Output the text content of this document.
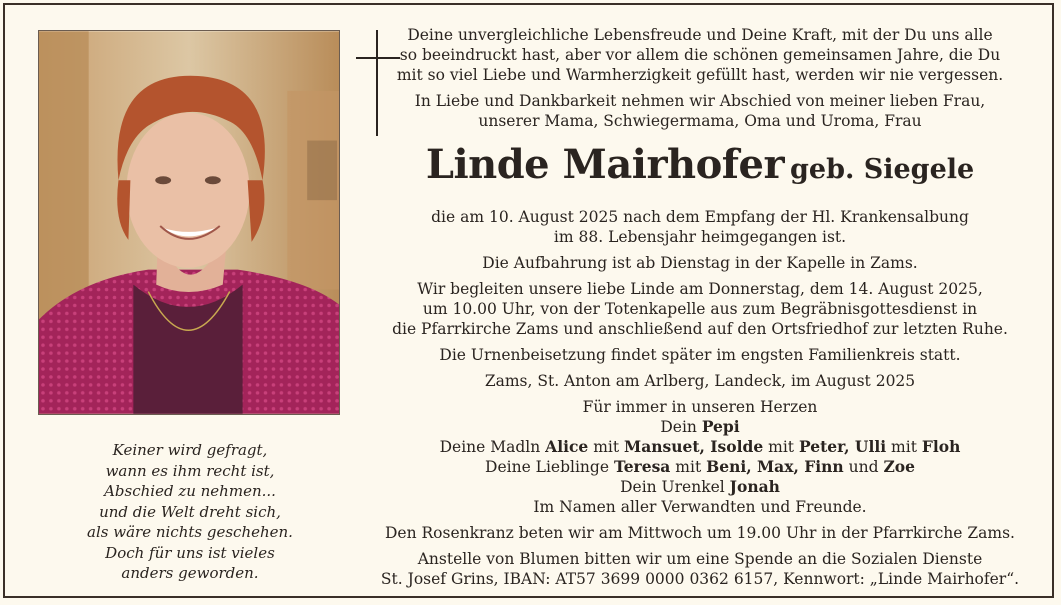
Keiner wird gefragt,
wann es ihm recht ist,
Abschied zu nehmen...
und die Welt dreht sich,
als wäre nichts geschehen.
Doch für uns ist vieles
anders geworden.
Deine unvergleichliche Lebensfreude und Deine Kraft, mit der Du uns alle
so beeindruckt hast, aber vor allem die schönen gemeinsamen Jahre, die Du
mit so viel Liebe und Warmherzigkeit gefüllt hast, werden wir nie vergessen.
In Liebe und Dankbarkeit nehmen wir Abschied von meiner lieben Frau,
unserer Mama, Schwiegermama, Oma und Uroma, Frau
Linde Mairhofer geb. Siegele
die am 10. August 2025 nach dem Empfang der Hl. Krankensalbung
im 88. Lebensjahr heimgegangen ist.
Die Aufbahrung ist ab Dienstag in der Kapelle in Zams.
Wir begleiten unsere liebe Linde am Donnerstag, dem 14. August 2025,
um 10.00 Uhr, von der Totenkapelle aus zum Begräbnisgottesdienst in
die Pfarrkirche Zams und anschließend auf den Ortsfriedhof zur letzten Ruhe.
Die Urnenbeisetzung findet später im engsten Familienkreis statt.
Zams, St. Anton am Arlberg, Landeck, im August 2025
Für immer in unseren Herzen
Dein Pepi
Deine Madln Alice mit Mansuet, Isolde mit Peter, Ulli mit Floh
Deine Lieblinge Teresa mit Beni, Max, Finn und Zoe
Dein Urenkel Jonah
Im Namen aller Verwandten und Freunde.
Den Rosenkranz beten wir am Mittwoch um 19.00 Uhr in der Pfarrkirche Zams.
Anstelle von Blumen bitten wir um eine Spende an die Sozialen Dienste
St. Josef Grins, IBAN: AT57 3699 0000 0362 6157, Kennwort: „Linde Mairhofer“.
